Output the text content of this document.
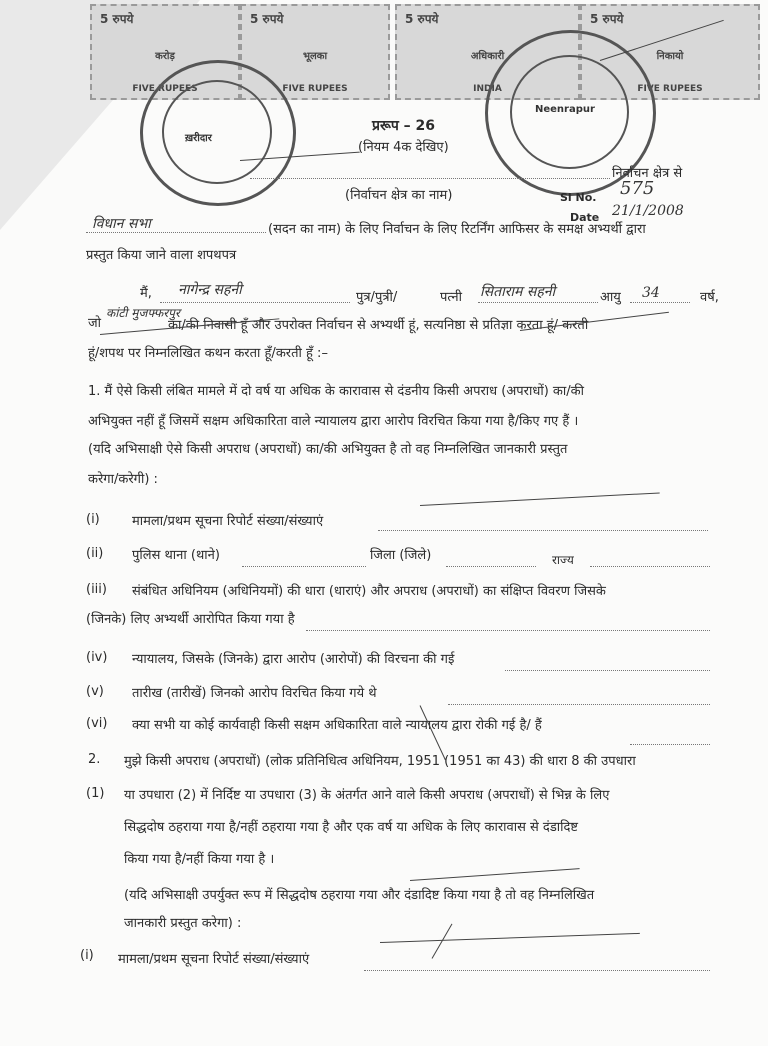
5 रुपये
करोड़
FIVE RUPEES
5 रुपये
भूलका
FIVE RUPEES
5 रुपये
अधिकारी
INDIA
5 रुपये
निकायो
FIVE RUPEES
ख़रीदार
Neenrapur
प्ररूप – 26
(नियम 4क देखिए)
निर्वाचन क्षेत्र से
(निर्वाचन क्षेत्र का नाम)	Sl No. 575
Date 21/1/2008
विधान सभा	(सदन का नाम) के लिए निर्वाचन के लिए रिटर्निंग आफिसर के समक्ष अभ्यर्थी द्वारा
प्रस्तुत किया जाने वाला शपथपत्र
मैं, नागेन्द्र सहनी	पुत्र/पुत्री/	पत्नी सिताराम सहनी	आयु 34	वर्ष,
जो
कांटी मुजफ्फरपुर
का/की निवासी हूँ और उपरोक्त निर्वाचन से अभ्यर्थी हूं, सत्यनिष्ठा से प्रतिज्ञा करता हूं/ करती
हूं/शपथ पर निम्नलिखित कथन करता हूँ/करती हूँ :–
1. मैं ऐसे किसी लंबित मामले में दो वर्ष या अधिक के कारावास से दंडनीय किसी अपराध (अपराधों) का/की
अभियुक्त नहीं हूँ जिसमें सक्षम अधिकारिता वाले न्यायालय द्वारा आरोप विरचित किया गया है/किए गए हैं ।
(यदि अभिसाक्षी ऐसे किसी अपराध (अपराधों) का/की अभियुक्त है तो वह निम्नलिखित जानकारी प्रस्तुत
करेगा/करेगी) :
(i) मामला/प्रथम सूचना रिपोर्ट संख्या/संख्याएं
(ii) पुलिस थाना (थाने)	जिला (जिले)	राज्य
(iii) संबंधित अधिनियम (अधिनियमों) की धारा (धाराएं) और अपराध (अपराधों) का संक्षिप्त विवरण जिसके
(जिनके) लिए अभ्यर्थी आरोपित किया गया है
(iv) न्यायालय, जिसके (जिनके) द्वारा आरोप (आरोपों) की विरचना की गई
(v) तारीख (तारीखें) जिनको आरोप विरचित किया गये थे
(vi) क्या सभी या कोई कार्यवाही किसी सक्षम अधिकारिता वाले न्यायालय द्वारा रोकी गई है/ हैं
2. मुझे किसी अपराध (अपराधों) (लोक प्रतिनिधित्व अधिनियम, 1951 (1951 का 43) की धारा 8 की उपधारा
(1) या उपधारा (2) में निर्दिष्ट या उपधारा (3) के अंतर्गत आने वाले किसी अपराध (अपराधों) से भिन्न के लिए
सिद्धदोष ठहराया गया है/नहीं ठहराया गया है और एक वर्ष या अधिक के लिए कारावास से दंडादिष्ट
किया गया है/नहीं किया गया है ।
(यदि अभिसाक्षी उपर्युक्त रूप में सिद्धदोष ठहराया गया और दंडादिष्ट किया गया है तो वह निम्नलिखित
जानकारी प्रस्तुत करेगा) :
(i) मामला/प्रथम सूचना रिपोर्ट संख्या/संख्याएं
